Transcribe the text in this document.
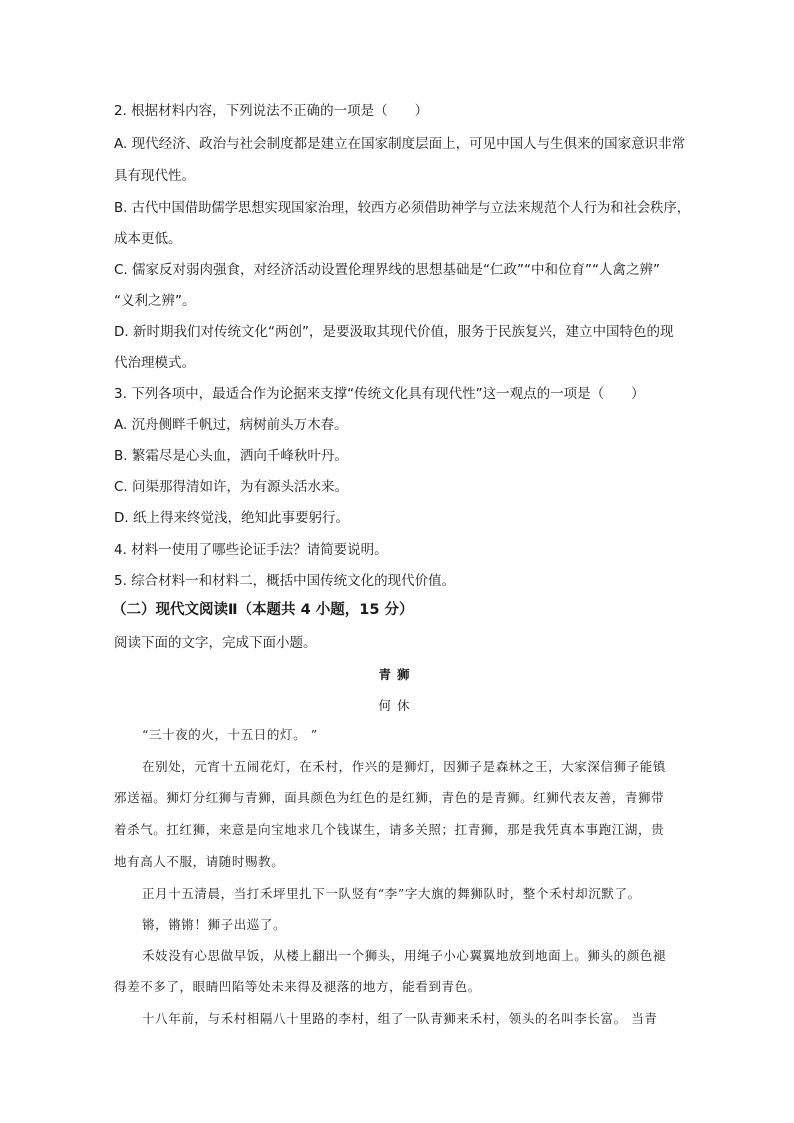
2. 根据材料内容，下列说法不正确的一项是（　　）
A. 现代经济、政治与社会制度都是建立在国家制度层面上，可见中国人与生俱来的国家意识非常
具有现代性。
B. 古代中国借助儒学思想实现国家治理，较西方必须借助神学与立法来规范个人行为和社会秩序，
成本更低。
C. 儒家反对弱肉强食，对经济活动设置伦理界线的思想基础是“仁政”“中和位育”“人禽之辨”
“义利之辨”。
D. 新时期我们对传统文化“两创”，是要汲取其现代价值，服务于民族复兴，建立中国特色的现
代治理模式。
3. 下列各项中，最适合作为论据来支撑“传统文化具有现代性”这一观点的一项是（　　）
A. 沉舟侧畔千帆过，病树前头万木春。
B. 繁霜尽是心头血，洒向千峰秋叶丹。
C. 问渠那得清如许，为有源头活水来。
D. 纸上得来终觉浅，绝知此事要躬行。
4. 材料一使用了哪些论证手法？请简要说明。
5. 综合材料一和材料二，概括中国传统文化的现代价值。
（二）现代文阅读Ⅱ（本题共 4 小题，15 分）
阅读下面的文字，完成下面小题。
青狮
何休
“三十夜的火，十五日的灯。 ”
在别处，元宵十五闹花灯，在禾村，作兴的是狮灯，因狮子是森林之王，大家深信狮子能镇
邪送福。狮灯分红狮与青狮，面具颜色为红色的是红狮，青色的是青狮。红狮代表友善，青狮带
着杀气。扛红狮，来意是向宝地求几个钱谋生，请多关照；扛青狮，那是我凭真本事跑江湖，贵
地有高人不服，请随时赐教。
正月十五清晨，当打禾坪里扎下一队竖有“李”字大旗的舞狮队时，整个禾村却沉默了。
锵，锵锵！狮子出巡了。
禾妓没有心思做早饭，从楼上翻出一个狮头，用绳子小心翼翼地放到地面上。狮头的颜色褪
得差不多了，眼睛凹陷等处未来得及褪落的地方，能看到青色。
十八年前，与禾村相隔八十里路的李村，组了一队青狮来禾村，领头的名叫李长富。 当青
